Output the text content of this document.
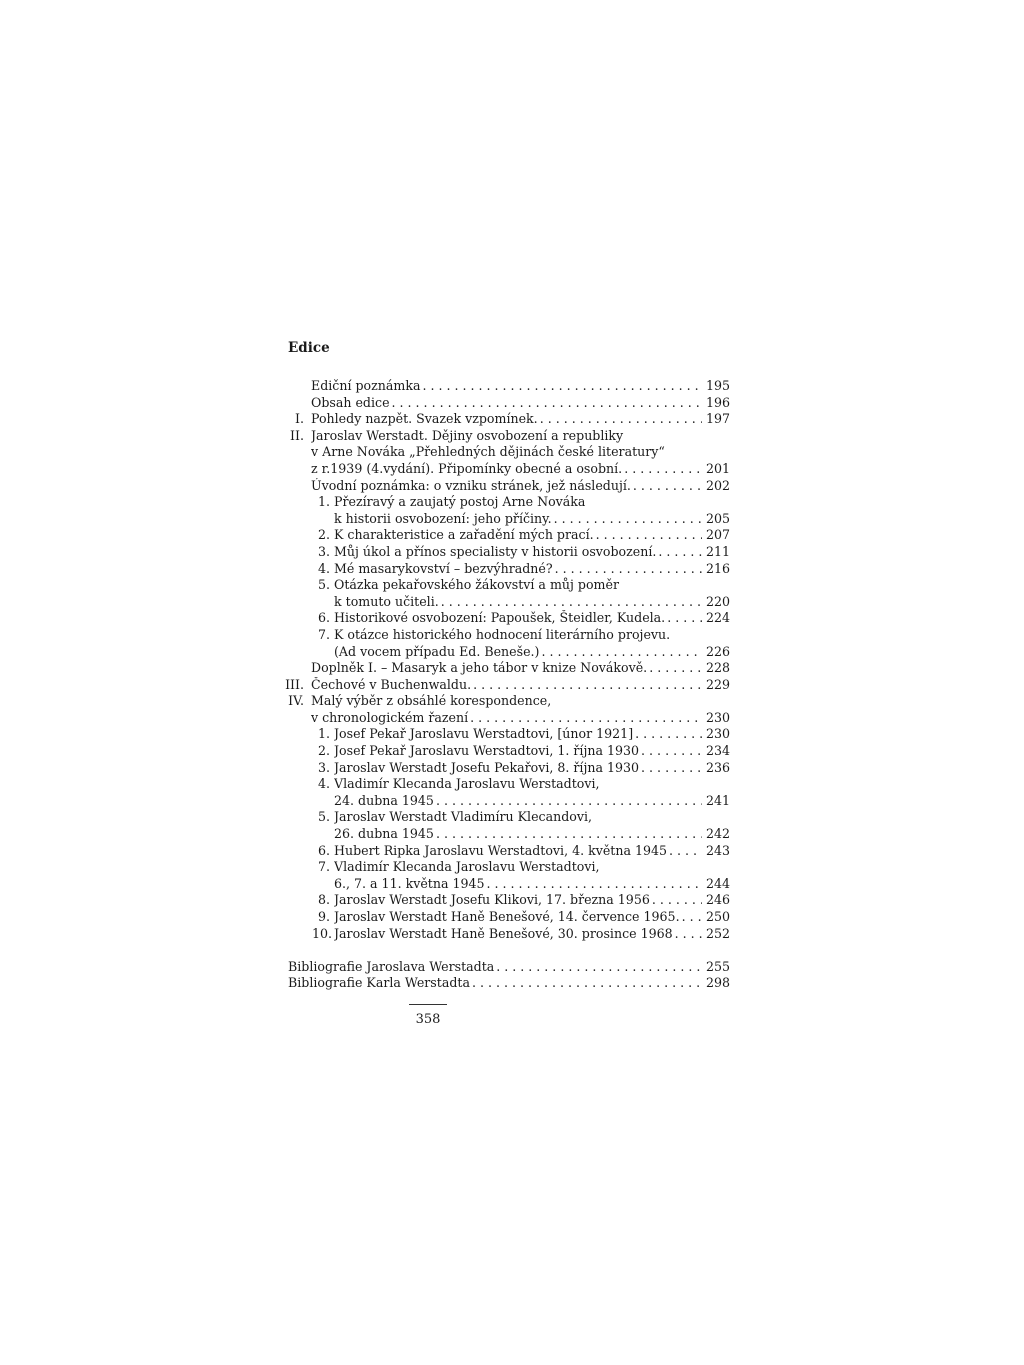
Edice
Ediční poznámka . . .	195
Obsah edice . . .	196
I. Pohledy nazpět. Svazek vzpomínek. . . .	197
II. Jaroslav Werstadt. Dějiny osvobození a republiky
v Arne Nováka „Přehledných dějinách české literatury“
z r.1939 (4.vydání). Připomínky obecné a osobní. . . .	201
Úvodní poznámka: o vzniku stránek, jež následují. . . .	202
1. Přezíravý a zaujatý postoj Arne Nováka
k historii osvobození: jeho příčiny. . . .	205
2. K charakteristice a zařadění mých prací. . . .	207
3. Můj úkol a přínos specialisty v historii osvobození. . . .	211
4. Mé masarykovství – bezvýhradné? . . .	216
5. Otázka pekařovského žákovství a můj poměr
k tomuto učiteli. . . .	220
6. Historikové osvobození: Papoušek, Šteidler, Kudela. . . .	224
7. K otázce historického hodnocení literárního projevu.
(Ad vocem případu Ed. Beneše.) . . .	226
Doplněk I. – Masaryk a jeho tábor v knize Novákově. . . .	228
III. Čechové v Buchenwaldu. . . .	229
IV. Malý výběr z obsáhlé korespondence,
v chronologickém řazení . . .	230
1. Josef Pekař Jaroslavu Werstadtovi, [únor 1921] . . .	230
2. Josef Pekař Jaroslavu Werstadtovi, 1. října 1930 . . .	234
3. Jaroslav Werstadt Josefu Pekařovi, 8. října 1930 . . .	236
4. Vladimír Klecanda Jaroslavu Werstadtovi,
24. dubna 1945 . . .	241
5. Jaroslav Werstadt Vladimíru Klecandovi,
26. dubna 1945 . . .	242
6. Hubert Ripka Jaroslavu Werstadtovi, 4. května 1945 . . .	243
7. Vladimír Klecanda Jaroslavu Werstadtovi,
6., 7. a 11. května 1945 . . .	244
8. Jaroslav Werstadt Josefu Klikovi, 17. března 1956 . . .	246
9. Jaroslav Werstadt Haně Benešové, 14. července 1965. . . . 250
10. Jaroslav Werstadt Haně Benešové, 30. prosince 1968 . . .	252
Bibliografie Jaroslava Werstadta . . .	255
Bibliografie Karla Werstadta . . .	298
358
